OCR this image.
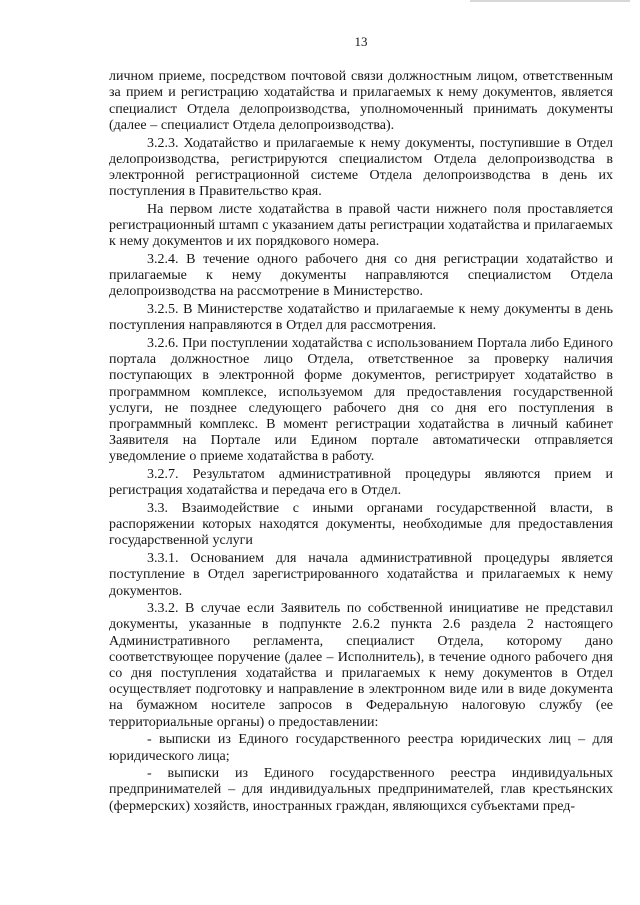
13

личном приеме, посредством почтовой связи должностным лицом, ответственным за прием и регистрацию ходатайства и прилагаемых к нему документов, является специалист Отдела делопроизводства, уполномоченный принимать документы (далее – специалист Отдела делопроизводства).

3.2.3. Ходатайство и прилагаемые к нему документы, поступившие в Отдел делопроизводства, регистрируются специалистом Отдела делопроизводства в электронной регистрационной системе Отдела делопроизводства в день их поступления в Правительство края.

На первом листе ходатайства в правой части нижнего поля проставляется регистрационный штамп с указанием даты регистрации ходатайства и прилагаемых к нему документов и их порядкового номера.

3.2.4. В течение одного рабочего дня со дня регистрации ходатайство и прилагаемые к нему документы направляются специалистом Отдела делопроизводства на рассмотрение в Министерство.

3.2.5. В Министерстве ходатайство и прилагаемые к нему документы в день поступления направляются в Отдел для рассмотрения.

3.2.6. При поступлении ходатайства с использованием Портала либо Единого портала должностное лицо Отдела, ответственное за проверку наличия поступающих в электронной форме документов, регистрирует ходатайство в программном комплексе, используемом для предоставления государственной услуги, не позднее следующего рабочего дня со дня его поступления в программный комплекс. В момент регистрации ходатайства в личный кабинет Заявителя на Портале или Едином портале автоматически отправляется уведомление о приеме ходатайства в работу.

3.2.7. Результатом административной процедуры являются прием и регистрация ходатайства и передача его в Отдел.

3.3. Взаимодействие с иными органами государственной власти, в распоряжении которых находятся документы, необходимые для предоставления государственной услуги

3.3.1. Основанием для начала административной процедуры является поступление в Отдел зарегистрированного ходатайства и прилагаемых к нему документов.

3.3.2. В случае если Заявитель по собственной инициативе не представил документы, указанные в подпункте 2.6.2 пункта 2.6 раздела 2 настоящего Административного регламента, специалист Отдела, которому дано соответствующее поручение (далее – Исполнитель), в течение одного рабочего дня со дня поступления ходатайства и прилагаемых к нему документов в Отдел осуществляет подготовку и направление в электронном виде или в виде документа на бумажном носителе запросов в Федеральную налоговую службу (ее территориальные органы) о предоставлении:

- выписки из Единого государственного реестра юридических лиц – для юридического лица;

- выписки из Единого государственного реестра индивидуальных предпринимателей – для индивидуальных предпринимателей, глав крестьянских (фермерских) хозяйств, иностранных граждан, являющихся субъектами пред-
